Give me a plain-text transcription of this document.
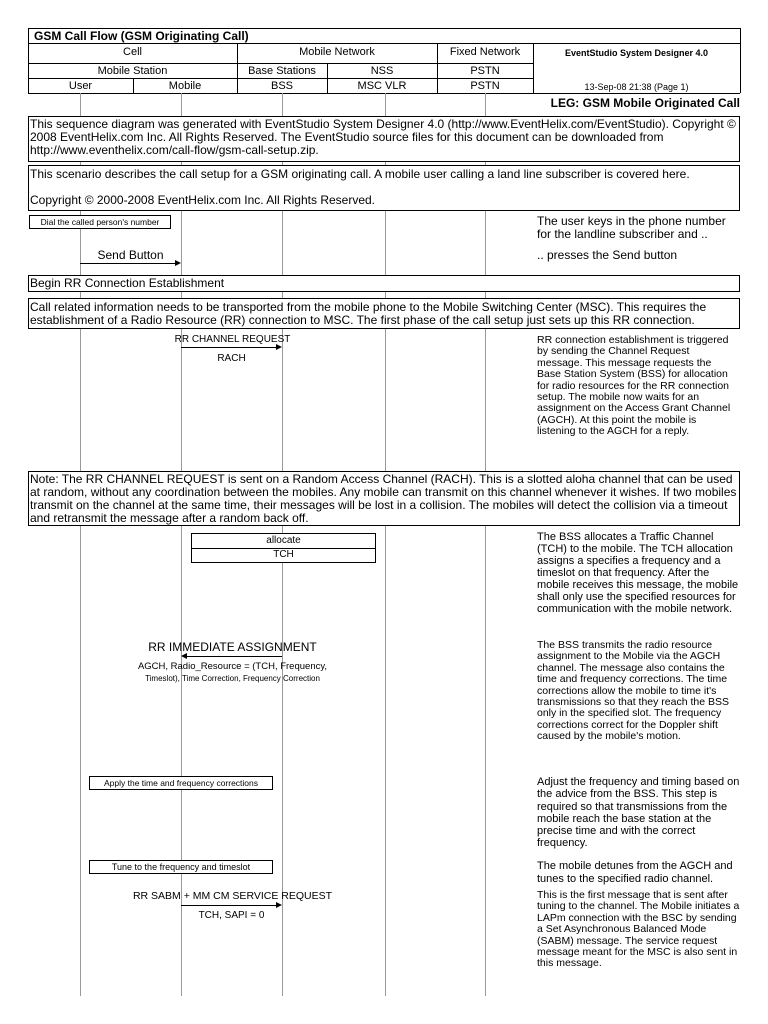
GSM Call Flow (GSM Originating Call)
Cell	Mobile Network	Fixed Network	EventStudio System Designer 4.0
Mobile Station	Base Stations	NSS	PSTN
User	Mobile	BSS	MSC VLR	PSTN	13-Sep-08 21:38 (Page 1)
LEG: GSM Mobile Originated Call
This sequence diagram was generated with EventStudio System Designer 4.0 (http://www.EventHelix.com/EventStudio). Copyright © 2008 EventHelix.com Inc. All Rights Reserved. The EventStudio source files for this document can be downloaded from http://www.eventhelix.com/call-flow/gsm-call-setup.zip.
This scenario describes the call setup for a GSM originating call. A mobile user calling a land line subscriber is covered here.
Copyright © 2000-2008 EventHelix.com Inc. All Rights Reserved.
Dial the called person's number	The user keys in the phone number for the landline subscriber and ..
Send Button	.. presses the Send button
Begin RR Connection Establishment
Call related information needs to be transported from the mobile phone to the Mobile Switching Center (MSC). This requires the establishment of a Radio Resource (RR) connection to MSC. The first phase of the call setup just sets up this RR connection.
RR CHANNEL REQUEST
RACH
RR connection establishment is triggered by sending the Channel Request message. This message requests the Base Station System (BSS) for allocation for radio resources for the RR connection setup. The mobile now waits for an assignment on the Access Grant Channel (AGCH). At this point the mobile is listening to the AGCH for a reply.
Note: The RR CHANNEL REQUEST is sent on a Random Access Channel (RACH). This is a slotted aloha channel that can be used at random, without any coordination between the mobiles. Any mobile can transmit on this channel whenever it wishes. If two mobiles transmit on the channel at the same time, their messages will be lost in a collision. The mobiles will detect the collision via a timeout and retransmit the message after a random back off.
allocate
TCH
The BSS allocates a Traffic Channel (TCH) to the mobile. The TCH allocation assigns a specifies a frequency and a timeslot on that frequency. After the mobile receives this message, the mobile shall only use the specified resources for communication with the mobile network.
RR IMMEDIATE ASSIGNMENT
AGCH, Radio_Resource = (TCH, Frequency,
Timeslot), Time Correction, Frequency Correction
The BSS transmits the radio resource assignment to the Mobile via the AGCH channel. The message also contains the time and frequency corrections. The time corrections allow the mobile to time it's transmissions so that they reach the BSS only in the specified slot. The frequency corrections correct for the Doppler shift caused by the mobile's motion.
Apply the time and frequency corrections	Adjust the frequency and timing based on the advice from the BSS. This step is required so that transmissions from the mobile reach the base station at the precise time and with the correct frequency.
Tune to the frequency and timeslot	The mobile detunes from the AGCH and tunes to the specified radio channel.
RR SABM + MM CM SERVICE REQUEST
TCH, SAPI = 0
This is the first message that is sent after tuning to the channel. The Mobile initiates a LAPm connection with the BSC by sending a Set Asynchronous Balanced Mode (SABM) message. The service request message meant for the MSC is also sent in this message.
